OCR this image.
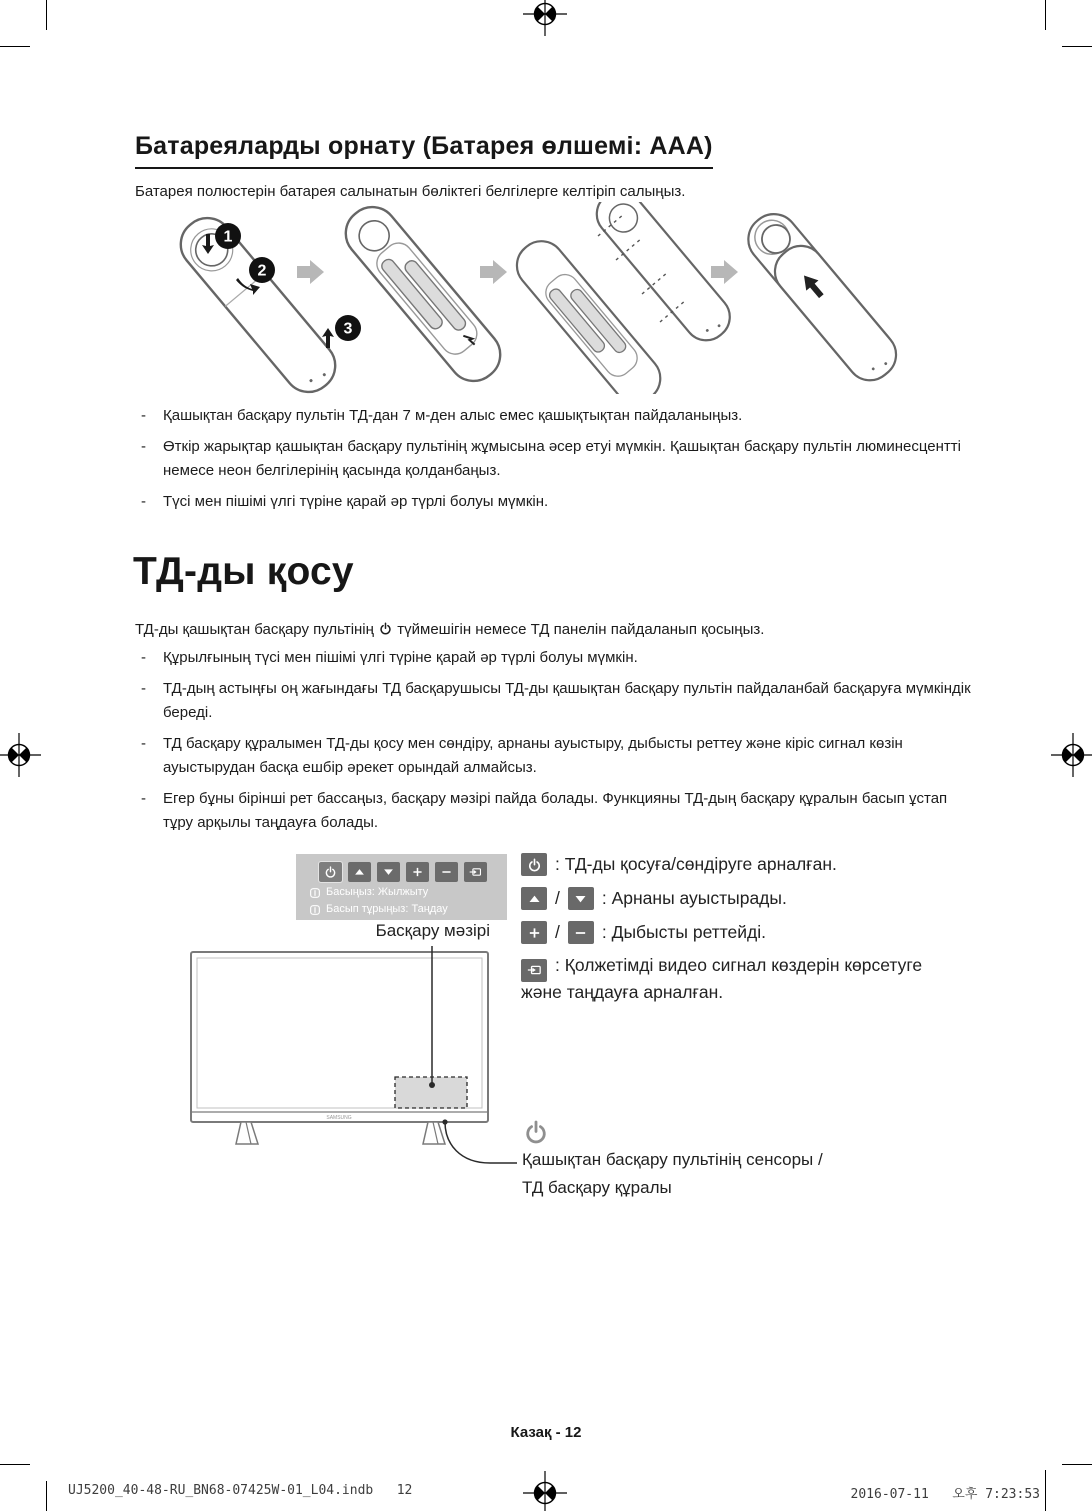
Батареяларды орнату (Батарея өлшемі: AAA)

Батарея полюстерін батарея салынатын бөліктегі белгілерге келтіріп салыңыз.

1
2
3
-	Қашықтан басқару пультін ТД-дан 7 м-ден алыс емес қашықтықтан пайдаланыңыз.
-	Өткір жарықтар қашықтан басқару пультінің жұмысына әсер етуі мүмкін. Қашықтан басқару пультін люминесцентті немесе неон белгілерінің қасында қолданбаңыз.
-	Түсі мен пішімі үлгі түріне қарай әр түрлі болуы мүмкін.
ТД-ды қосу

ТД-ды қашықтан басқару пультінің түймешігін немесе ТД панелін пайдаланып қосыңыз.

-	Құрылғының түсі мен пішімі үлгі түріне қарай әр түрлі болуы мүмкін.
-	ТД-дың астыңғы оң жағындағы ТД басқарушысы ТД-ды қашықтан басқару пультін пайдаланбай басқаруға мүмкіндік береді.
-	ТД басқару құралымен ТД-ды қосу мен сөндіру, арнаны ауыстыру, дыбысты реттеу және кіріс сигнал көзін ауыстырудан басқа ешбір әрекет орындай алмайсыз.
-	Егер бұны бірінші рет бассаңыз, басқару мәзірі пайда болады. Функцияны ТД-дың басқару құралын басып ұстап тұру арқылы таңдауға болады.
Басыңыз: Жылжыту
Басып тұрыңыз: Таңдау
Басқару мәзірі
SAMSUNG
: ТД-ды қосуға/сөндіруге арналған.
/ : Арнаны ауыстырады.
/ : Дыбысты реттейді.
: Қолжетімді видео сигнал көздерін көрсетуге және таңдауға арналған.
Қашықтан басқару пультінің сенсоры /
ТД басқару құралы
Казақ - 12
UJ5200_40-48-RU_BN68-07425W-01_L04.indb   12	2016-07-11   오후 7:23:53
